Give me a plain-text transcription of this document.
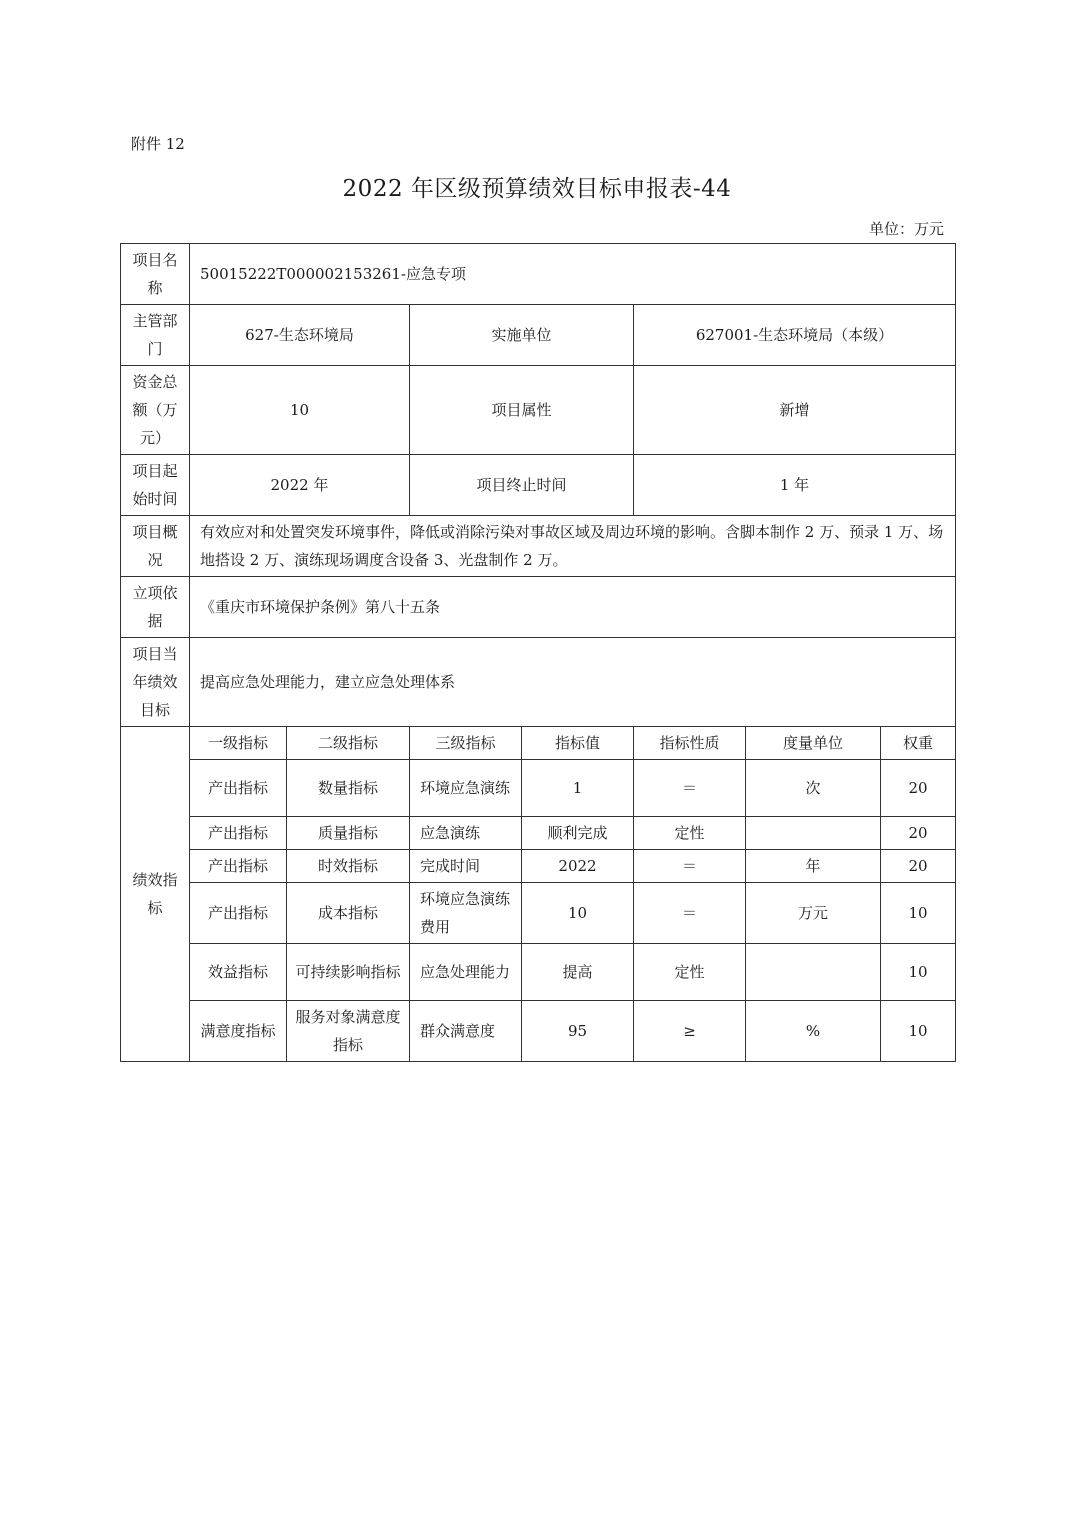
附件 12
2022 年区级预算绩效目标申报表-44
单位：万元
项目名称	50015222T000002153261-应急专项						
主管部门	627-生态环境局		实施单位		627001-生态环境局（本级）		
资金总额（万元）	10		项目属性		新增		
项目起始时间	2022 年		项目终止时间		1 年		
项目概况	有效应对和处置突发环境事件，降低或消除污染对事故区域及周边环境的影响。含脚本制作 2 万、预录 1 万、场地搭设 2 万、演练现场调度含设备 3、光盘制作 2 万。						
立项依据	《重庆市环境保护条例》第八十五条						
项目当年绩效目标	提高应急处理能力，建立应急处理体系						
绩效指标	一级指标	二级指标	三级指标	指标值	指标性质	度量单位	权重
	产出指标	数量指标	环境应急演练	1	＝	次	20
	产出指标	质量指标	应急演练	顺利完成	定性		20
	产出指标	时效指标	完成时间	2022	＝	年	20
	产出指标	成本指标	环境应急演练费用	10	＝	万元	10
	效益指标	可持续影响指标	应急处理能力	提高	定性		10
	满意度指标	服务对象满意度指标	群众满意度	95	≥	%	10
